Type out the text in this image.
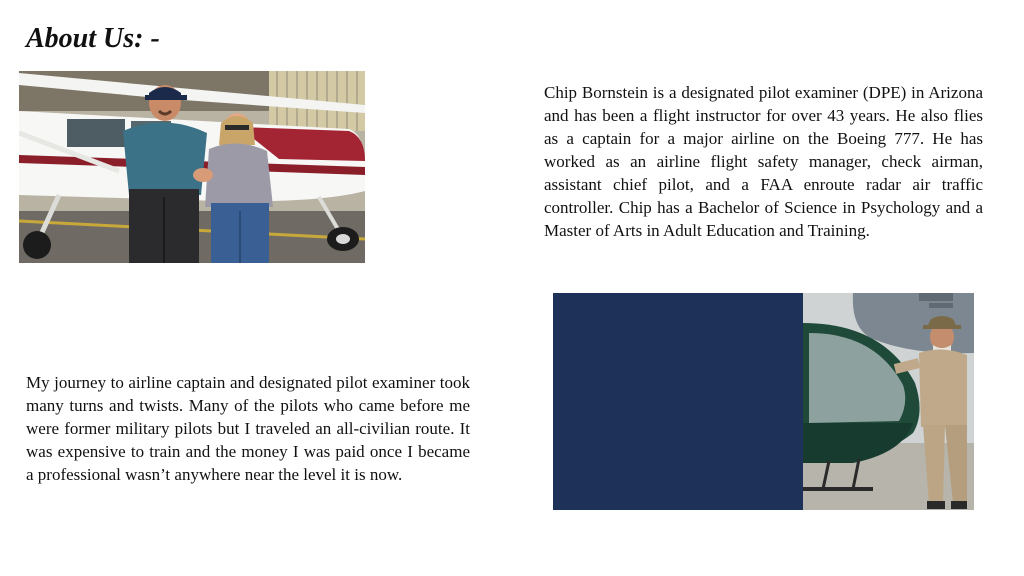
About Us: -

Chip Bornstein is a designated pilot examiner (DPE) in Arizona and has been a flight instructor for over 43 years. He also flies as a captain for a major airline on the Boeing 777. He has worked as an airline flight safety manager, check airman, assistant chief pilot, and a FAA enroute radar air traffic controller. Chip has a Bachelor of Science in Psychology and a Master of Arts in Adult Education and Training.

My journey to airline captain and designated pilot examiner took many turns and twists. Many of the pilots who came before me were former military pilots but I traveled an all-civilian route. It was expensive to train and the money I was paid once I became a professional wasn’t anywhere near the level it is now.
